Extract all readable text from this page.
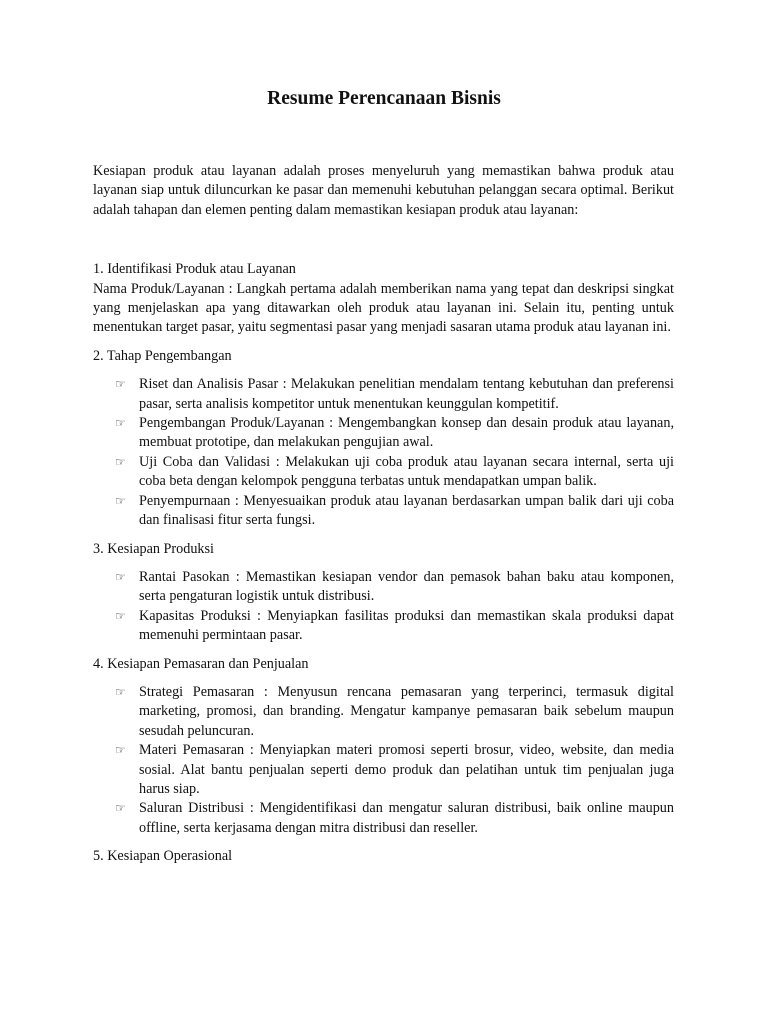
Resume Perencanaan Bisnis

Kesiapan produk atau layanan adalah proses menyeluruh yang memastikan bahwa produk atau layanan siap untuk diluncurkan ke pasar dan memenuhi kebutuhan pelanggan secara optimal. Berikut adalah tahapan dan elemen penting dalam memastikan kesiapan produk atau layanan:

1. Identifikasi Produk atau Layanan

Nama Produk/Layanan : Langkah pertama adalah memberikan nama yang tepat dan deskripsi singkat yang menjelaskan apa yang ditawarkan oleh produk atau layanan ini. Selain itu, penting untuk menentukan target pasar, yaitu segmentasi pasar yang menjadi sasaran utama produk atau layanan ini.

2. Tahap Pengembangan
☞ Riset dan Analisis Pasar : Melakukan penelitian mendalam tentang kebutuhan dan preferensi pasar, serta analisis kompetitor untuk menentukan keunggulan kompetitif.

☞ Pengembangan Produk/Layanan : Mengembangkan konsep dan desain produk atau layanan, membuat prototipe, dan melakukan pengujian awal.

☞ Uji Coba dan Validasi : Melakukan uji coba produk atau layanan secara internal, serta uji coba beta dengan kelompok pengguna terbatas untuk mendapatkan umpan balik.

☞ Penyempurnaan : Menyesuaikan produk atau layanan berdasarkan umpan balik dari uji coba dan finalisasi fitur serta fungsi.

3. Kesiapan Produksi
☞ Rantai Pasokan : Memastikan kesiapan vendor dan pemasok bahan baku atau komponen, serta pengaturan logistik untuk distribusi.

☞ Kapasitas Produksi : Menyiapkan fasilitas produksi dan memastikan skala produksi dapat memenuhi permintaan pasar.

4. Kesiapan Pemasaran dan Penjualan
☞ Strategi Pemasaran : Menyusun rencana pemasaran yang terperinci, termasuk digital marketing, promosi, dan branding. Mengatur kampanye pemasaran baik sebelum maupun sesudah peluncuran.

☞ Materi Pemasaran : Menyiapkan materi promosi seperti brosur, video, website, dan media sosial. Alat bantu penjualan seperti demo produk dan pelatihan untuk tim penjualan juga harus siap.

☞ Saluran Distribusi : Mengidentifikasi dan mengatur saluran distribusi, baik online maupun offline, serta kerjasama dengan mitra distribusi dan reseller.

5. Kesiapan Operasional
